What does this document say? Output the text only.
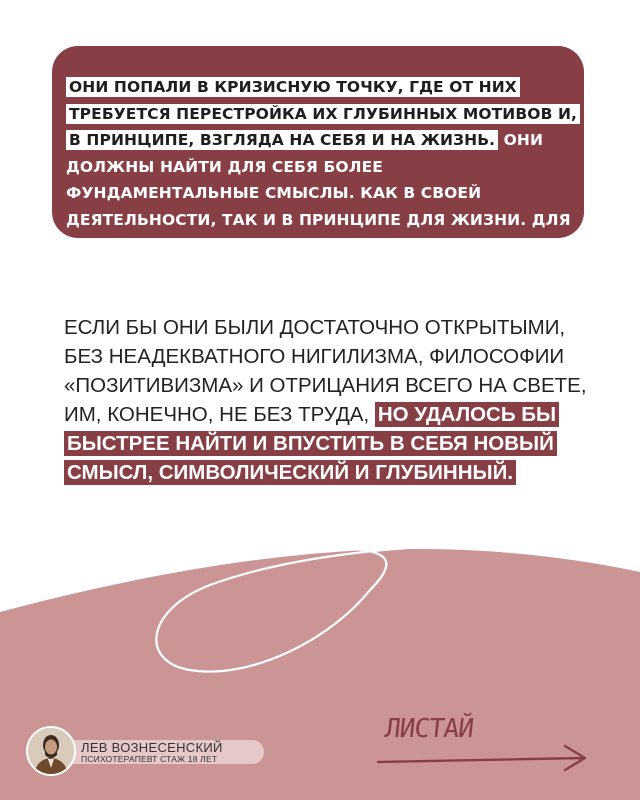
ОНИ ПОПАЛИ В КРИЗИСНУЮ ТОЧКУ, ГДЕ ОТ НИХ ТРЕБУЕТСЯ ПЕРЕСТРОЙКА ИХ ГЛУБИННЫХ МОТИВОВ И, В ПРИНЦИПЕ, ВЗГЛЯДА НА СЕБЯ И НА ЖИЗНЬ. ОНИ ДОЛЖНЫ НАЙТИ ДЛЯ СЕБЯ БОЛЕЕ ФУНДАМЕНТАЛЬНЫЕ СМЫСЛЫ. КАК В СВОЕЙ ДЕЯТЕЛЬНОСТИ, ТАК И В ПРИНЦИПЕ ДЛЯ ЖИЗНИ. ДЛЯ СВОЕГО БЫТИЯ.
ЕСЛИ БЫ ОНИ БЫЛИ ДОСТАТОЧНО ОТКРЫТЫМИ, БЕЗ НЕАДЕКВАТНОГО НИГИЛИЗМА, ФИЛОСОФИИ «ПОЗИТИВИЗМА» И ОТРИЦАНИЯ ВСЕГО НА СВЕТЕ, ИМ, КОНЕЧНО, НЕ БЕЗ ТРУДА, НО УДАЛОСЬ БЫ БЫСТРЕЕ НАЙТИ И ВПУСТИТЬ В СЕБЯ НОВЫЙ СМЫСЛ, СИМВОЛИЧЕСКИЙ И ГЛУБИННЫЙ.
ЛЕВ ВОЗНЕСЕНСКИЙ
ПСИХОТЕРАПЕВТ СТАЖ 18 ЛЕТ
ЛИСТАЙ
